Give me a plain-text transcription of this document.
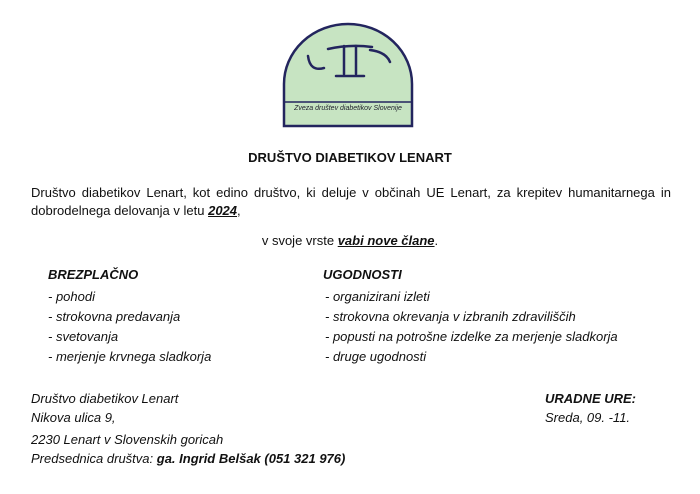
Zveza društev diabetikov Slovenije
DRUŠTVO DIABETIKOV LENART
Društvo diabetikov Lenart, kot edino društvo, ki deluje v občinah UE Lenart, za krepitev humanitarnega in dobrodelnega delovanja v letu 2024,
v svoje vrste vabi nove člane.
BREZPLAČNO
- pohodi
- strokovna predavanja
- svetovanja
- merjenje krvnega sladkorja
UGODNOSTI
- organizirani izleti
- strokovna okrevanja v izbranih zdraviliščih
- popusti na potrošne izdelke za merjenje sladkorja
- druge ugodnosti
Društvo diabetikov Lenart
Nikova ulica 9,
2230 Lenart v Slovenskih goricah
Predsednica društva: ga. Ingrid Belšak (051 321 976)
URADNE URE:
Sreda, 09. -11.
